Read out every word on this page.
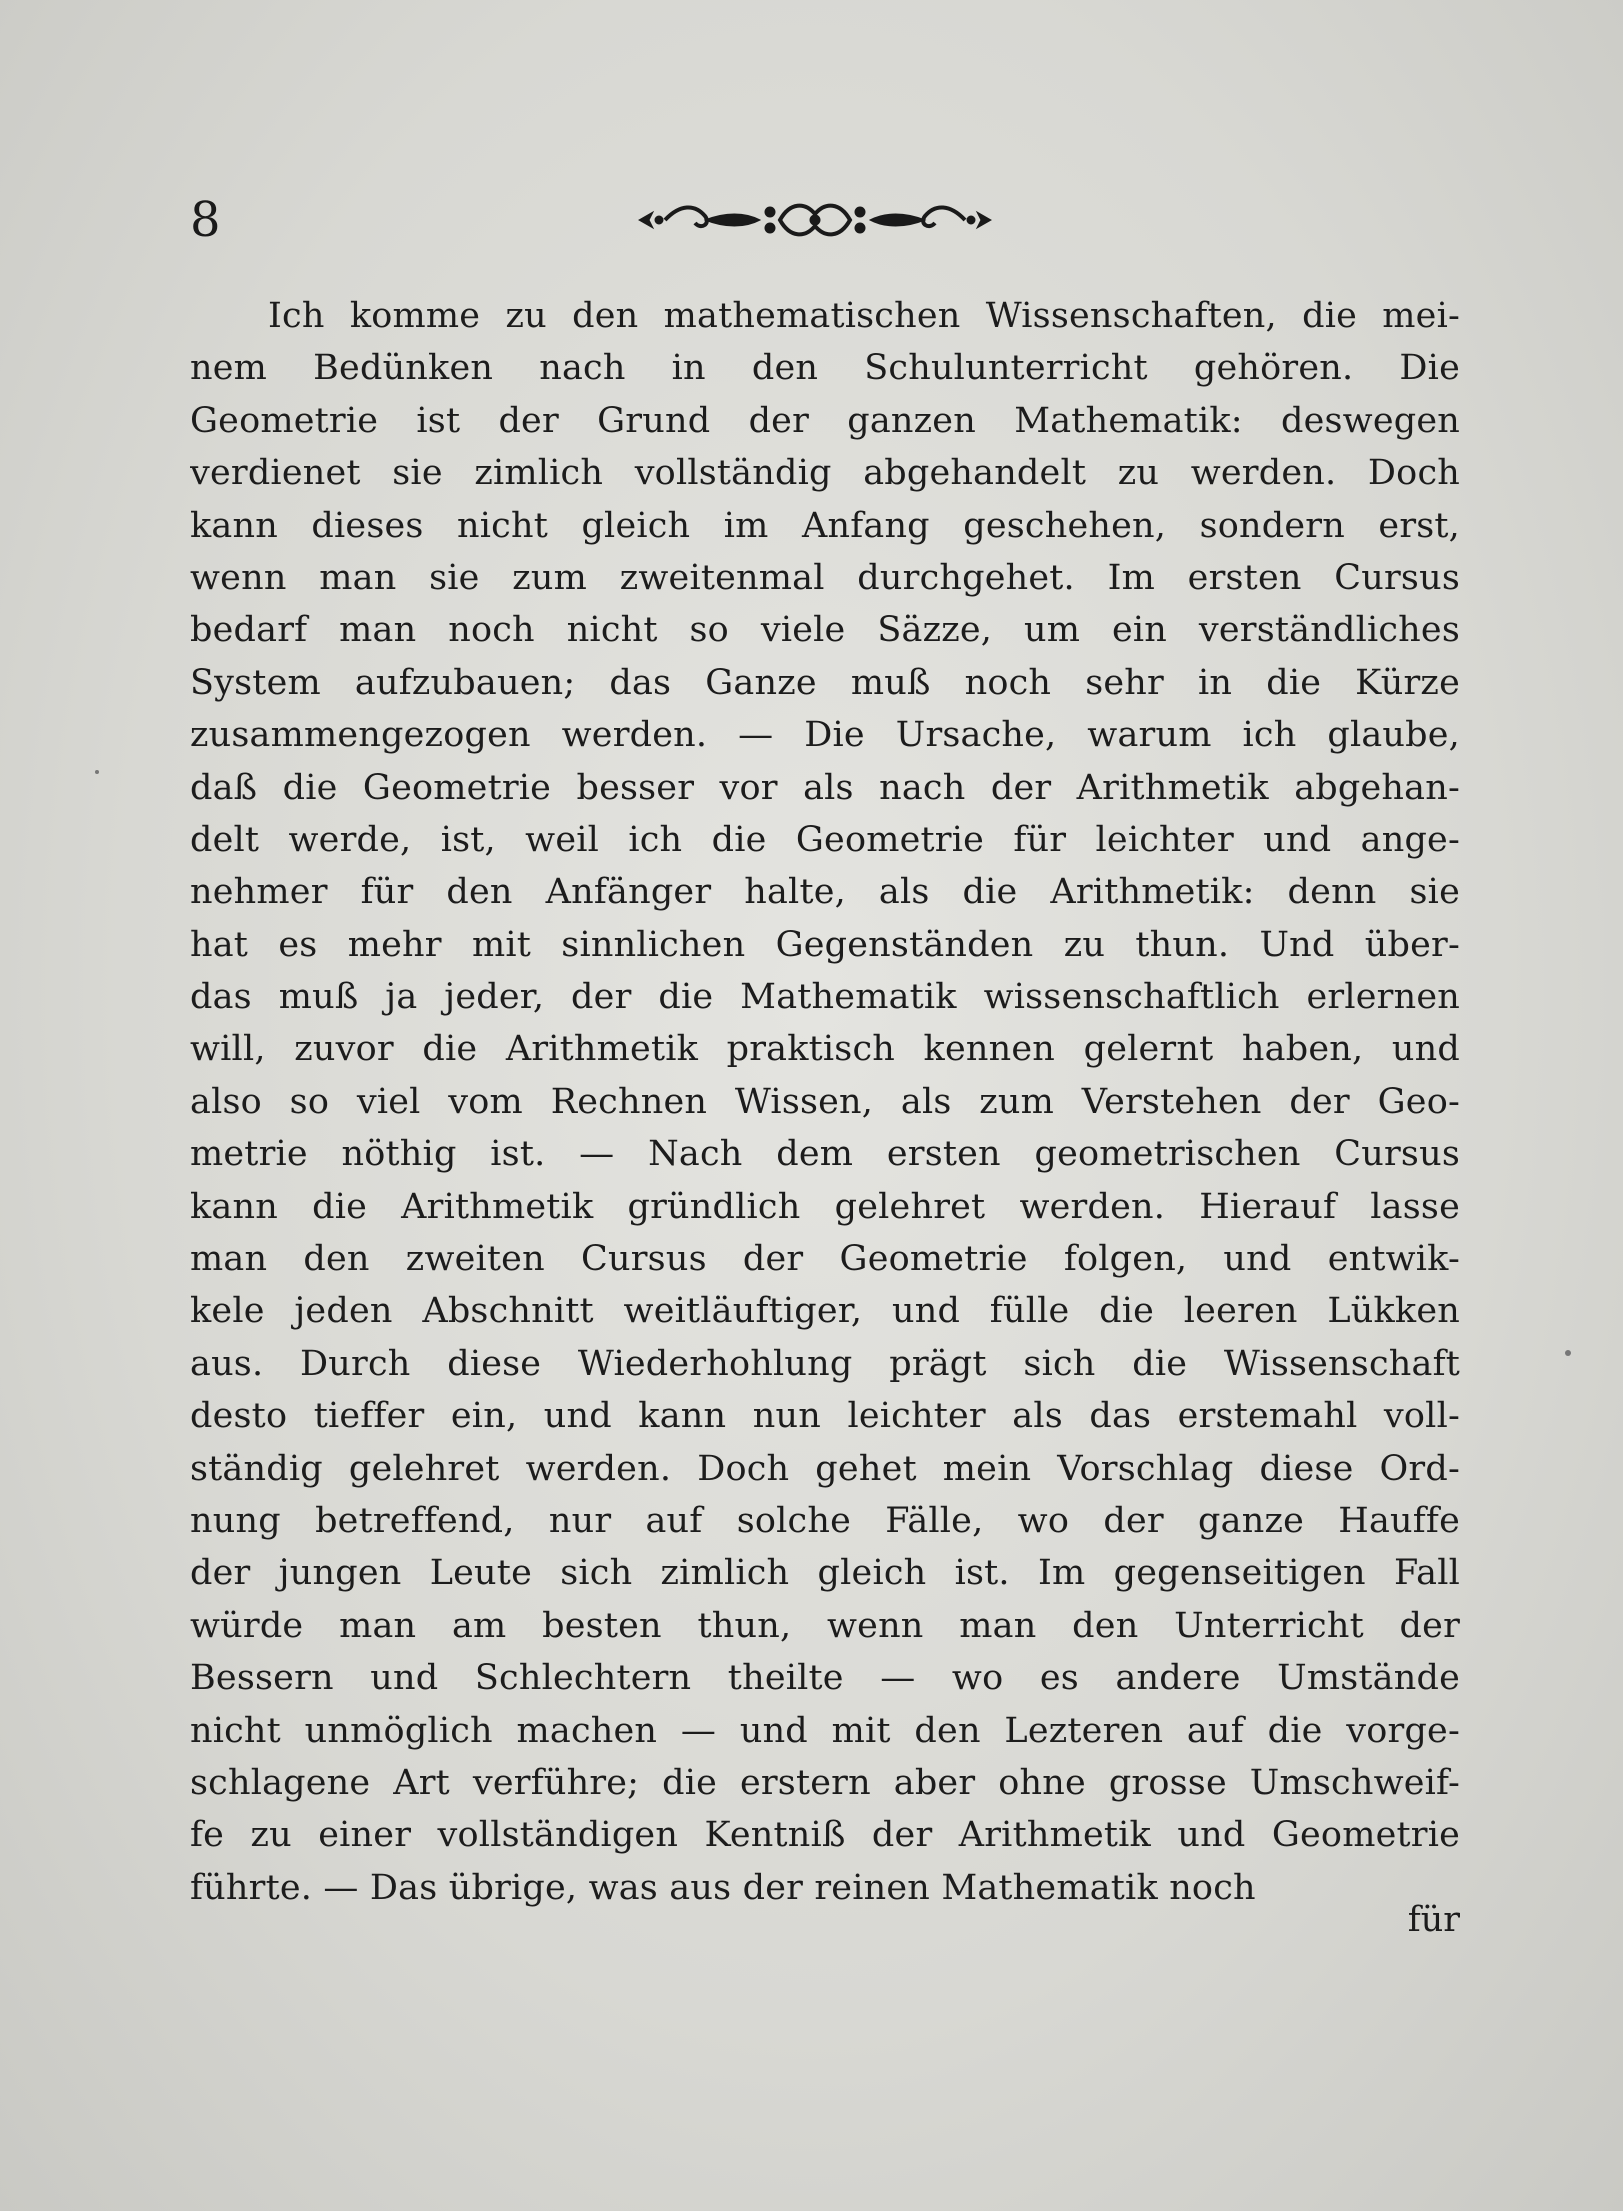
8
Ich komme zu den mathematischen Wissenschaften, die mei-
nem Bedünken nach in den Schulunterricht gehören. Die
Geometrie ist der Grund der ganzen Mathematik: deswegen
verdienet sie zimlich vollständig abgehandelt zu werden. Doch
kann dieses nicht gleich im Anfang geschehen, sondern erst,
wenn man sie zum zweitenmal durchgehet. Im ersten Cursus
bedarf man noch nicht so viele Säzze, um ein verständliches
System aufzubauen; das Ganze muß noch sehr in die Kürze
zusammengezogen werden. — Die Ursache, warum ich glaube,
daß die Geometrie besser vor als nach der Arithmetik abgehan-
delt werde, ist, weil ich die Geometrie für leichter und ange-
nehmer für den Anfänger halte, als die Arithmetik: denn sie
hat es mehr mit sinnlichen Gegenständen zu thun. Und über-
das muß ja jeder, der die Mathematik wissenschaftlich erlernen
will, zuvor die Arithmetik praktisch kennen gelernt haben, und
also so viel vom Rechnen Wissen, als zum Verstehen der Geo-
metrie nöthig ist. — Nach dem ersten geometrischen Cursus
kann die Arithmetik gründlich gelehret werden. Hierauf lasse
man den zweiten Cursus der Geometrie folgen, und entwik-
kele jeden Abschnitt weitläuftiger, und fülle die leeren Lükken
aus. Durch diese Wiederhohlung prägt sich die Wissenschaft
desto tieffer ein, und kann nun leichter als das erstemahl voll-
ständig gelehret werden. Doch gehet mein Vorschlag diese Ord-
nung betreffend, nur auf solche Fälle, wo der ganze Hauffe
der jungen Leute sich zimlich gleich ist. Im gegenseitigen Fall
würde man am besten thun, wenn man den Unterricht der
Bessern und Schlechtern theilte — wo es andere Umstände
nicht unmöglich machen — und mit den Lezteren auf die vorge-
schlagene Art verführe; die erstern aber ohne grosse Umschweif-
fe zu einer vollständigen Kentniß der Arithmetik und Geometrie
führte. — Das übrige, was aus der reinen Mathematik noch
für
